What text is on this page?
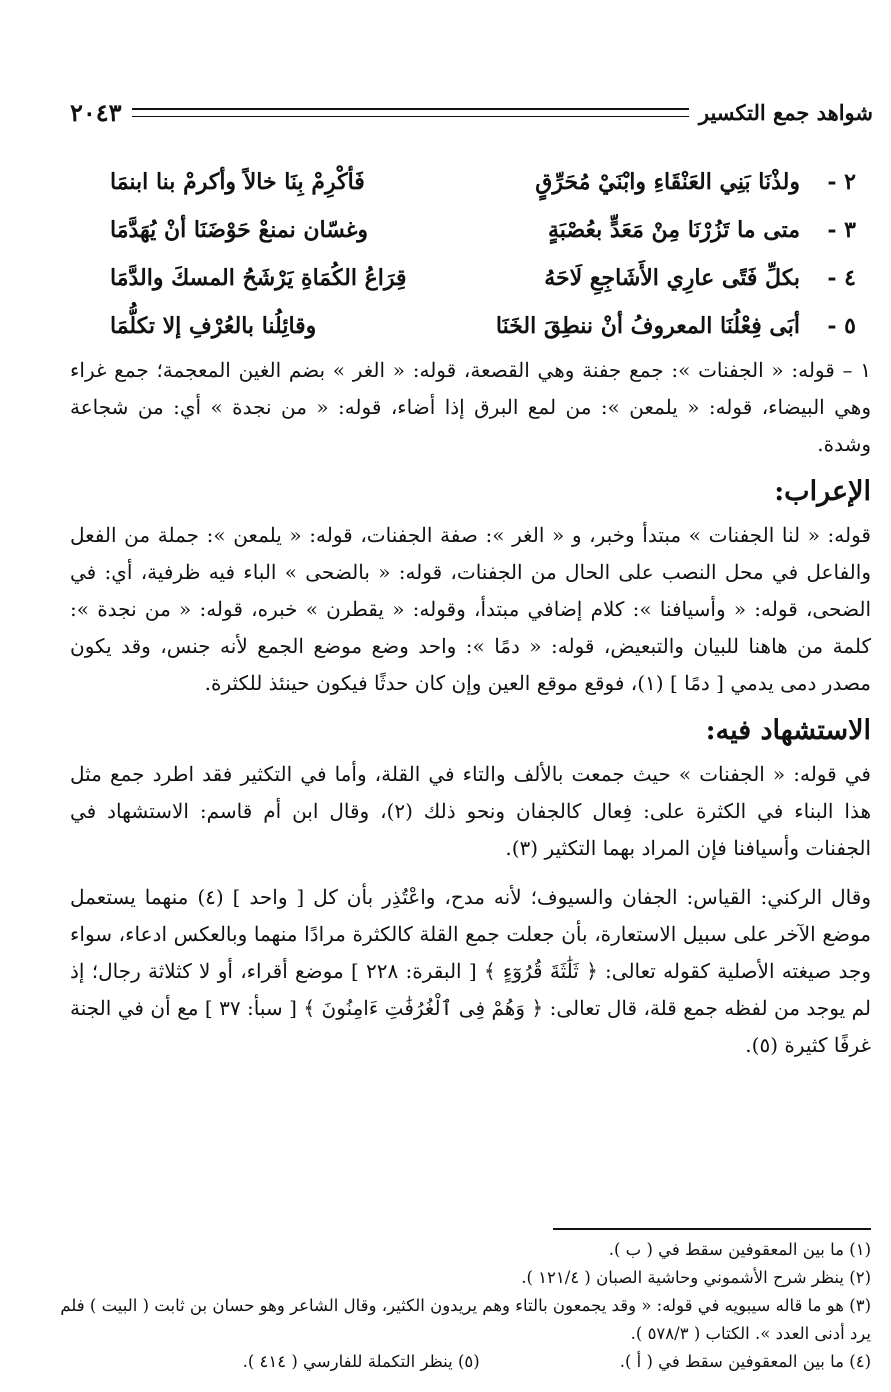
شواهد جمع التكسير
٢٠٤٣
٢ -
ولذْنَا بَنِي العَنْقَاءِ وابْنَيْ مُحَرِّقٍ
فَأكْرِمْ بِنَا خالاً وأكرمْ بنا ابنمَا
٣ -
متى ما تَزُرْنَا مِنْ مَعَدٍّ بعُصْبَةٍ
وغسّان نمنعْ حَوْضَنَا أنْ يُهَدَّمَا
٤ -
بكلِّ فَتًى عارِي الأَشَاجِعِ لَاحَهُ
قِرَاعُ الكُمَاةِ يَرْشَحُ المسكَ والدَّمَا
٥ -
أبَى فِعْلُنَا المعروفُ أنْ ننطِقَ الخَنَا
وقائِلُنا بالعُرْفِ إلا تكلُّمَا

١ – قوله: « الجفنات »: جمع جفنة وهي القصعة، قوله: « الغر » بضم الغين المعجمة؛ جمع غراء وهي البيضاء، قوله: « يلمعن »: من لمع البرق إذا أضاء، قوله: « من نجدة » أي: من شجاعة وشدة.

الإعراب:

قوله: « لنا الجفنات » مبتدأ وخبر، و « الغر »: صفة الجفنات، قوله: « يلمعن »: جملة من الفعل والفاعل في محل النصب على الحال من الجفنات، قوله: « بالضحى » الباء فيه ظرفية، أي: في الضحى، قوله: « وأسيافنا »: كلام إضافي مبتدأ، وقوله: « يقطرن » خبره، قوله: « من نجدة »: كلمة من هاهنا للبيان والتبعيض، قوله: « دمًا »: واحد وضع موضع الجمع لأنه جنس، وقد يكون مصدر دمى يدمي [ دمًا ] (١)، فوقع موقع العين وإن كان حدثًا فيكون حينئذ للكثرة.

الاستشهاد فيه:

في قوله: « الجفنات » حيث جمعت بالألف والتاء في القلة، وأما في التكثير فقد اطرد جمع مثل هذا البناء في الكثرة على: فِعال كالجفان ونحو ذلك (٢)، وقال ابن أم قاسم: الاستشهاد في الجفنات وأسيافنا فإن المراد بهما التكثير (٣).

وقال الركني: القياس: الجفان والسيوف؛ لأنه مدح، واعْتُذِر بأن كل [ واحد ] (٤) منهما يستعمل موضع الآخر على سبيل الاستعارة، بأن جعلت جمع القلة كالكثرة مرادًا منهما وبالعكس ادعاء، سواء وجد صيغته الأصلية كقوله تعالى: ﴿ ثَلَٰثَةَ قُرُوٓءٍ ﴾ [ البقرة: ٢٢٨ ] موضع أقراء، أو لا كثلاثة رجال؛ إذ لم يوجد من لفظه جمع قلة، قال تعالى: ﴿ وَهُمْ فِى ٱلْغُرُفَٰتِ ءَامِنُونَ ﴾ [ سبأ: ٣٧ ] مع أن في الجنة غرفًا كثيرة (٥).

(١) ما بين المعقوفين سقط في ( ب ).

(٢) ينظر شرح الأشموني وحاشية الصبان ( ١٢١/٤ ).

(٣) هو ما قاله سيبويه في قوله: « وقد يجمعون بالتاء وهم يريدون الكثير، وقال الشاعر وهو حسان بن ثابت ( البيت ) فلم يرد أدنى العدد ». الكتاب ( ٥٧٨/٣ ).

(٤) ما بين المعقوفين سقط في ( أ ).

(٥) ينظر التكملة للفارسي ( ٤١٤ ).
